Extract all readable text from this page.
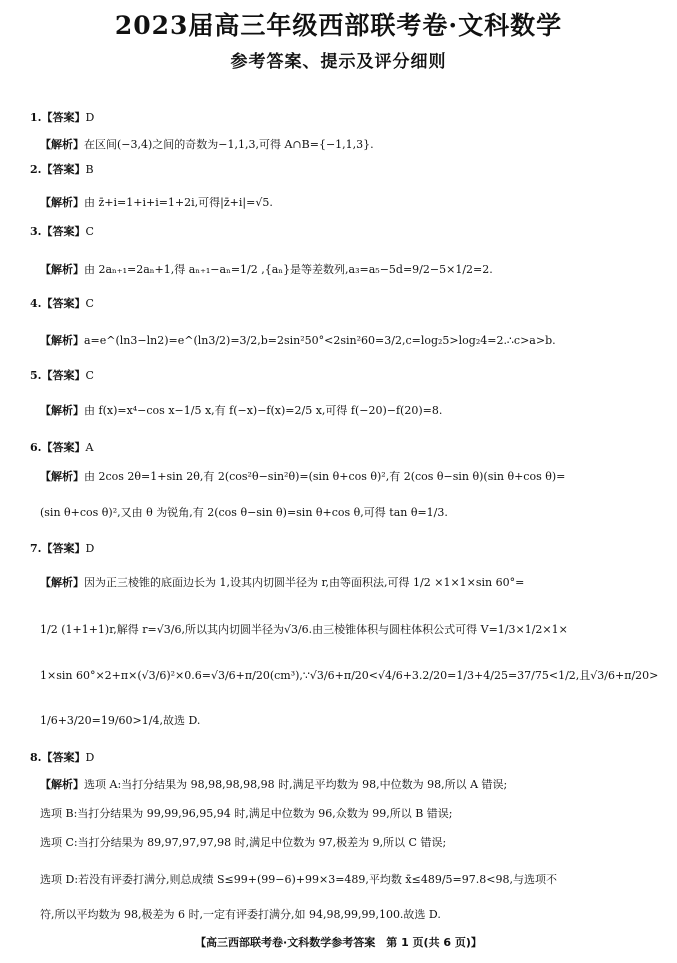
2023届高三年级西部联考卷·文科数学
参考答案、提示及评分细则
1.【答案】D
【解析】在区间(−3,4)之间的奇数为−1,1,3,可得 A∩B={−1,1,3}.
2.【答案】B
【解析】由 z̄+i=1+i+i=1+2i,可得|z̄+i|=√5.
3.【答案】C
【解析】由 2aₙ₊₁=2aₙ+1,得 aₙ₊₁−aₙ=1/2 ,{aₙ}是等差数列,a₃=a₅−5d=9/2−5×1/2=2.
4.【答案】C
【解析】a=e^(ln3−ln2)=e^(ln3/2)=3/2,b=2sin²50°<2sin²60=3/2,c=log₂5>log₂4=2.∴c>a>b.
5.【答案】C
【解析】由 f(x)=x⁴−cos x−1/5 x,有 f(−x)−f(x)=2/5 x,可得 f(−20)−f(20)=8.
6.【答案】A
【解析】由 2cos 2θ=1+sin 2θ,有 2(cos²θ−sin²θ)=(sin θ+cos θ)²,有 2(cos θ−sin θ)(sin θ+cos θ)=
(sin θ+cos θ)²,又由 θ 为锐角,有 2(cos θ−sin θ)=sin θ+cos θ,可得 tan θ=1/3.
7.【答案】D
【解析】因为正三棱锥的底面边长为 1,设其内切圆半径为 r,由等面积法,可得 1/2 ×1×1×sin 60°=
1/2 (1+1+1)r,解得 r=√3/6,所以其内切圆半径为√3/6.由三棱锥体积与圆柱体积公式可得 V=1/3×1/2×1×
1×sin 60°×2+π×(√3/6)²×0.6=√3/6+π/20(cm³),∵√3/6+π/20<√4/6+3.2/20=1/3+4/25=37/75<1/2,且√3/6+π/20>
1/6+3/20=19/60>1/4,故选 D.
8.【答案】D
【解析】选项 A:当打分结果为 98,98,98,98,98 时,满足平均数为 98,中位数为 98,所以 A 错误;
选项 B:当打分结果为 99,99,96,95,94 时,满足中位数为 96,众数为 99,所以 B 错误;
选项 C:当打分结果为 89,97,97,97,98 时,满足中位数为 97,极差为 9,所以 C 错误;
选项 D:若没有评委打满分,则总成绩 S≤99+(99−6)+99×3=489,平均数 x̄≤489/5=97.8<98,与选项不
符,所以平均数为 98,极差为 6 时,一定有评委打满分,如 94,98,99,99,100.故选 D.
【高三西部联考卷·文科数学参考答案　第 1 页(共 6 页)】
